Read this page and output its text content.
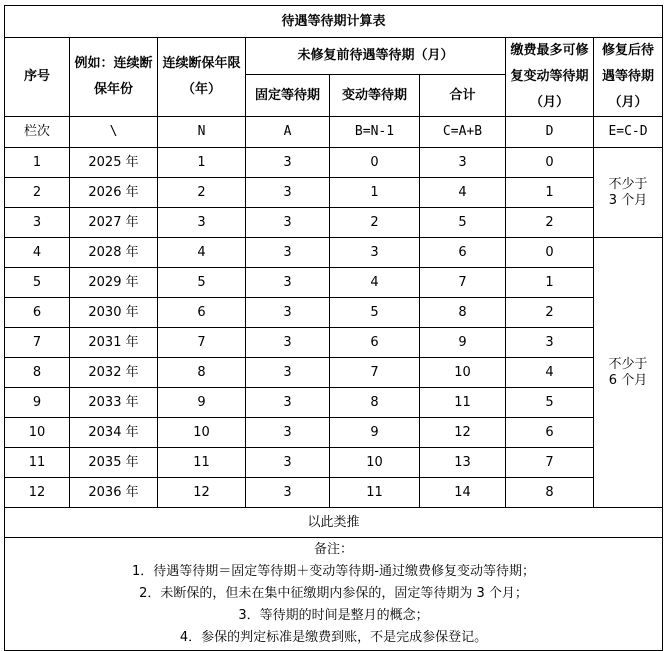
待遇等待期计算表							
序号	例如：连续断保年份	连续断保年限（年）	未修复前待遇等待期（月）			缴费最多可修复变动等待期（月）	修复后待遇等待期（月）

			固定等待期	变动等待期	合计		
栏次	\	N	A	B=N-1	C=A+B	D	E=C-D
1	2025 年	1	3	0	3	0	不少于 3 个月
2	2026 年	2	3	1	4	1	
3	2027 年	3	3	2	5	2	
4	2028 年	4	3	3	6	0	不少于 6 个月
5	2029 年	5	3	4	7	1	
6	2030 年	6	3	5	8	2	
7	2031 年	7	3	6	9	3	
8	2032 年	8	3	7	10	4	
9	2033 年	9	3	8	11	5	
10	2034 年	10	3	9	12	6	
11	2035 年	11	3	10	13	7	
12	2036 年	12	3	11	14	8	
以此类推							

备注：
1．待遇等待期＝固定等待期＋变动等待期-通过缴费修复变动等待期；
2．未断保的，但未在集中征缴期内参保的，固定等待期为 3 个月；
3．等待期的时间是整月的概念；
4．参保的判定标准是缴费到账，不是完成参保登记。							
